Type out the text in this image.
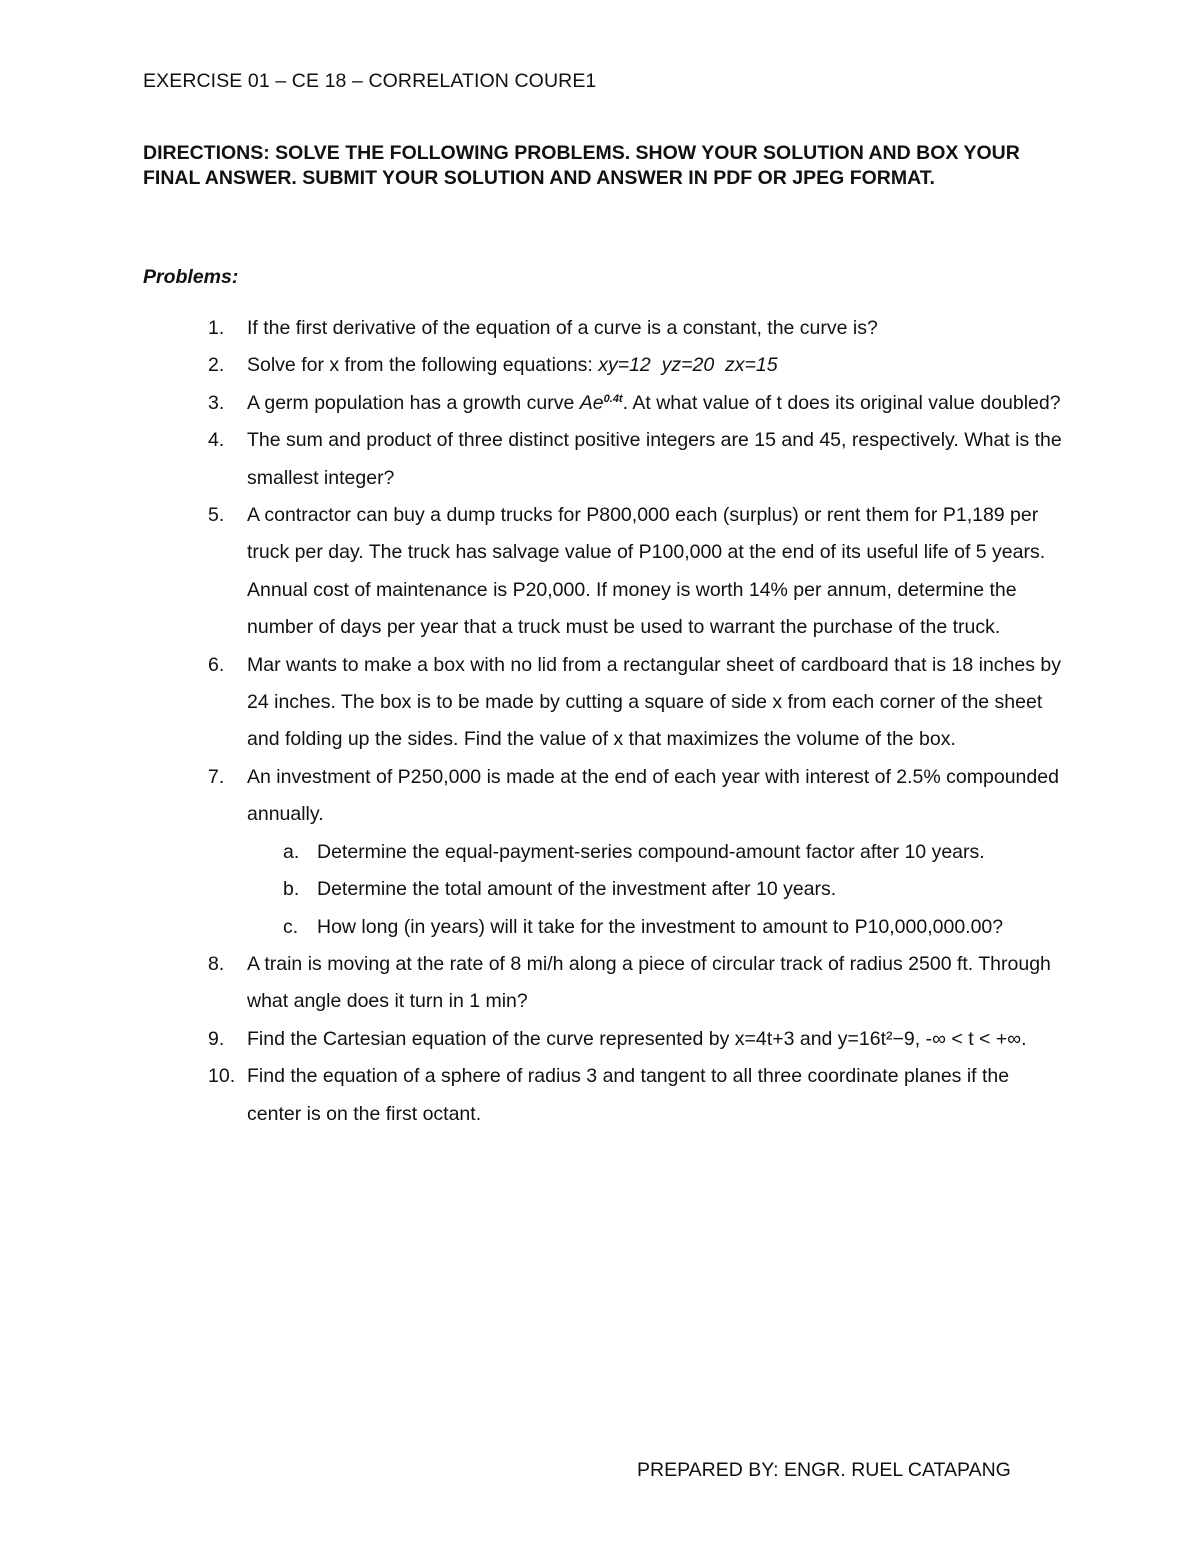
EXERCISE 01 – CE 18 – CORRELATION COURE1

DIRECTIONS: SOLVE THE FOLLOWING PROBLEMS. SHOW YOUR SOLUTION AND BOX YOUR FINAL ANSWER. SUBMIT YOUR SOLUTION AND ANSWER IN PDF OR JPEG FORMAT.

Problems:
1. If the first derivative of the equation of a curve is a constant, the curve is?
2. Solve for x from the following equations: xy=12  yz=20  zx=15
3. A germ population has a growth curve $Ae^{0.4t}$. At what value of t does its original value doubled?
4. The sum and product of three distinct positive integers are 15 and 45, respectively. What is the smallest integer?
5. A contractor can buy a dump trucks for P800,000 each (surplus) or rent them for P1,189 per truck per day. The truck has salvage value of P100,000 at the end of its useful life of 5 years. Annual cost of maintenance is P20,000. If money is worth 14% per annum, determine the number of days per year that a truck must be used to warrant the purchase of the truck.
6. Mar wants to make a box with no lid from a rectangular sheet of cardboard that is 18 inches by 24 inches. The box is to be made by cutting a square of side x from each corner of the sheet and folding up the sides. Find the value of x that maximizes the volume of the box.
7. An investment of P250,000 is made at the end of each year with interest of 2.5% compounded annually.
a. Determine the equal-payment-series compound-amount factor after 10 years.
b. Determine the total amount of the investment after 10 years.
c. How long (in years) will it take for the investment to amount to P10,000,000.00?
8. A train is moving at the rate of 8 mi/h along a piece of circular track of radius 2500 ft. Through what angle does it turn in 1 min?
9. Find the Cartesian equation of the curve represented by x=4t+3 and y=16t²−9, -∞ < t < +∞.
10. Find the equation of a sphere of radius 3 and tangent to all three coordinate planes if the center is on the first octant.
PREPARED BY: ENGR. RUEL CATAPANG
